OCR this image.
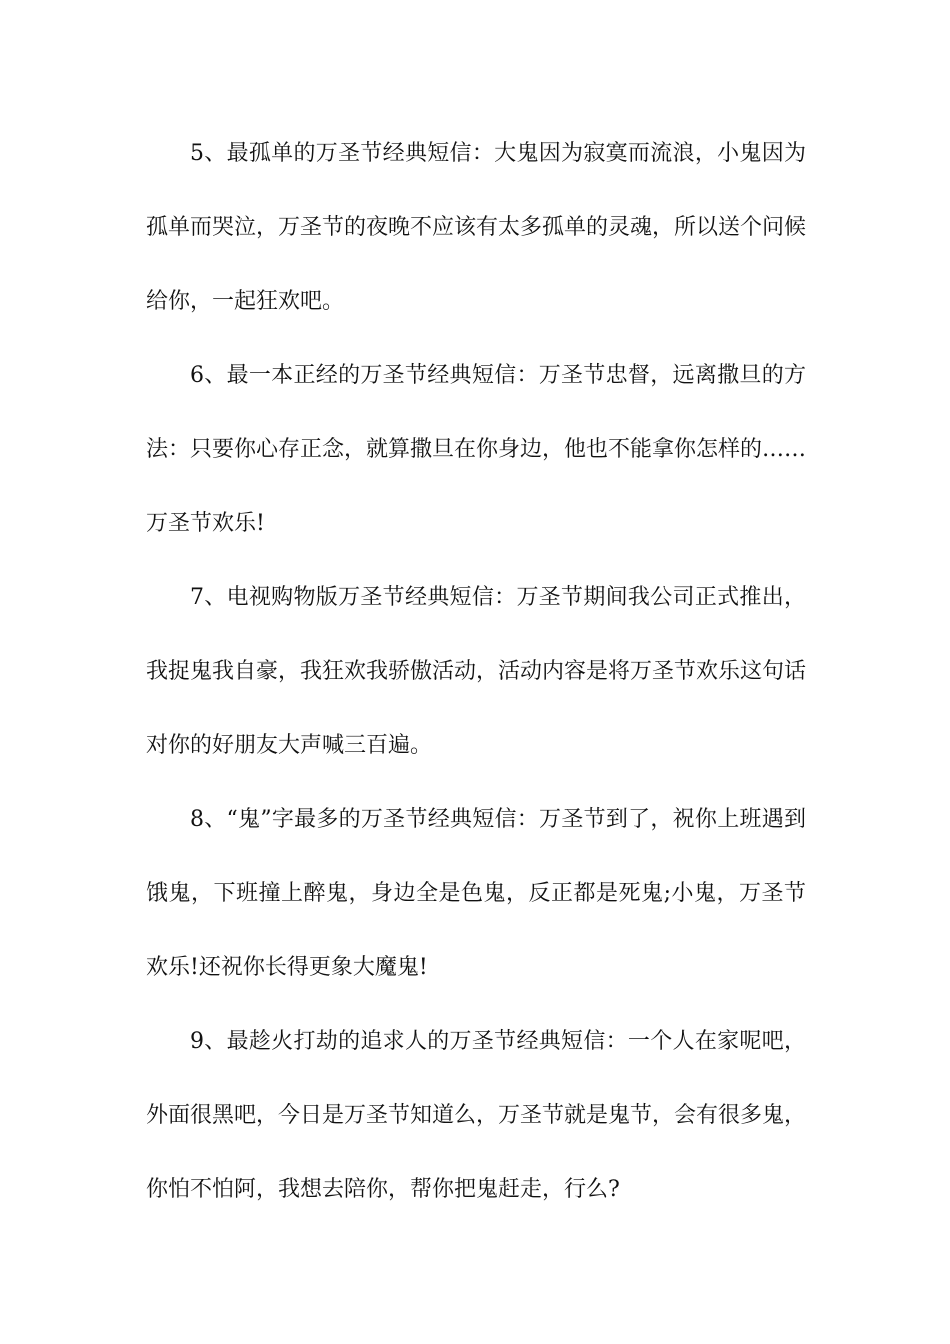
5、最孤单的万圣节经典短信：大鬼因为寂寞而流浪，小鬼因为孤单而哭泣，万圣节的夜晚不应该有太多孤单的灵魂，所以送个问候给你，一起狂欢吧。

6、最一本正经的万圣节经典短信：万圣节忠督，远离撒旦的方法：只要你心存正念，就算撒旦在你身边，他也不能拿你怎样的……万圣节欢乐!

7、电视购物版万圣节经典短信：万圣节期间我公司正式推出，我捉鬼我自豪，我狂欢我骄傲活动，活动内容是将万圣节欢乐这句话对你的好朋友大声喊三百遍。

8、“鬼”字最多的万圣节经典短信：万圣节到了，祝你上班遇到饿鬼，下班撞上醉鬼，身边全是色鬼，反正都是死鬼;小鬼，万圣节欢乐!还祝你长得更象大魔鬼!

9、最趁火打劫的追求人的万圣节经典短信：一个人在家呢吧，外面很黑吧，今日是万圣节知道么，万圣节就是鬼节，会有很多鬼，你怕不怕阿，我想去陪你，帮你把鬼赶走，行么?
